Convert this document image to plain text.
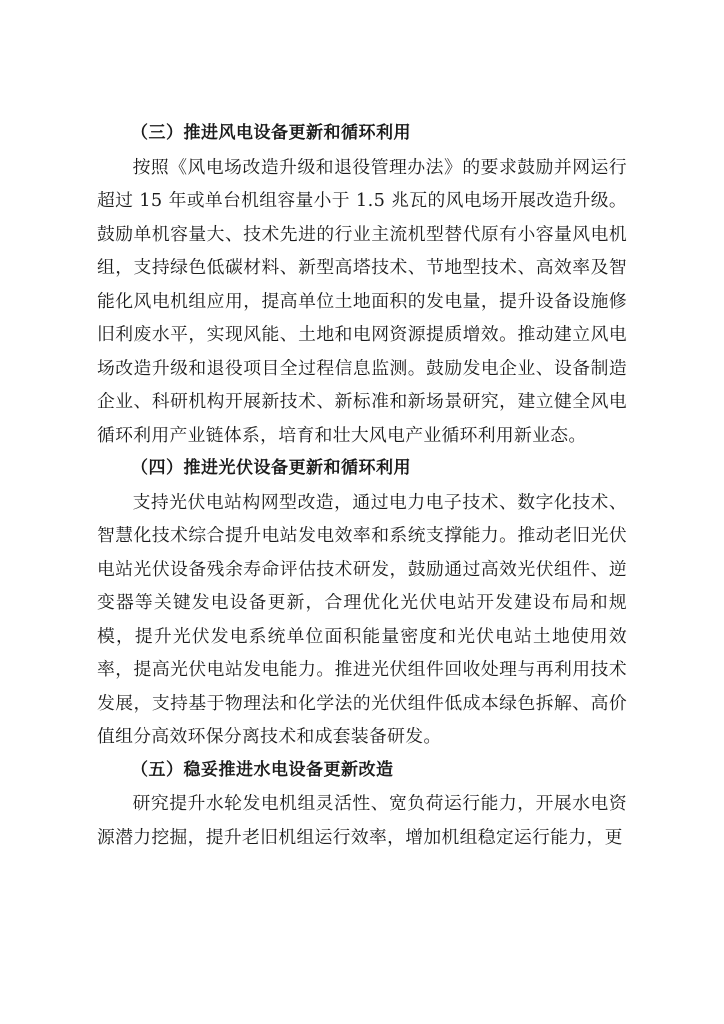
（三）推进风电设备更新和循环利用

按照《风电场改造升级和退役管理办法》的要求鼓励并网运行超过 15 年或单台机组容量小于 1.5 兆瓦的风电场开展改造升级。鼓励单机容量大、技术先进的行业主流机型替代原有小容量风电机组，支持绿色低碳材料、新型高塔技术、节地型技术、高效率及智能化风电机组应用，提高单位土地面积的发电量，提升设备设施修旧利废水平，实现风能、土地和电网资源提质增效。推动建立风电场改造升级和退役项目全过程信息监测。鼓励发电企业、设备制造企业、科研机构开展新技术、新标准和新场景研究，建立健全风电循环利用产业链体系，培育和壮大风电产业循环利用新业态。

（四）推进光伏设备更新和循环利用

支持光伏电站构网型改造，通过电力电子技术、数字化技术、智慧化技术综合提升电站发电效率和系统支撑能力。推动老旧光伏电站光伏设备残余寿命评估技术研发，鼓励通过高效光伏组件、逆变器等关键发电设备更新，合理优化光伏电站开发建设布局和规模，提升光伏发电系统单位面积能量密度和光伏电站土地使用效率，提高光伏电站发电能力。推进光伏组件回收处理与再利用技术发展，支持基于物理法和化学法的光伏组件低成本绿色拆解、高价值组分高效环保分离技术和成套装备研发。

（五）稳妥推进水电设备更新改造

研究提升水轮发电机组灵活性、宽负荷运行能力，开展水电资源潜力挖掘，提升老旧机组运行效率，增加机组稳定运行能力，更
